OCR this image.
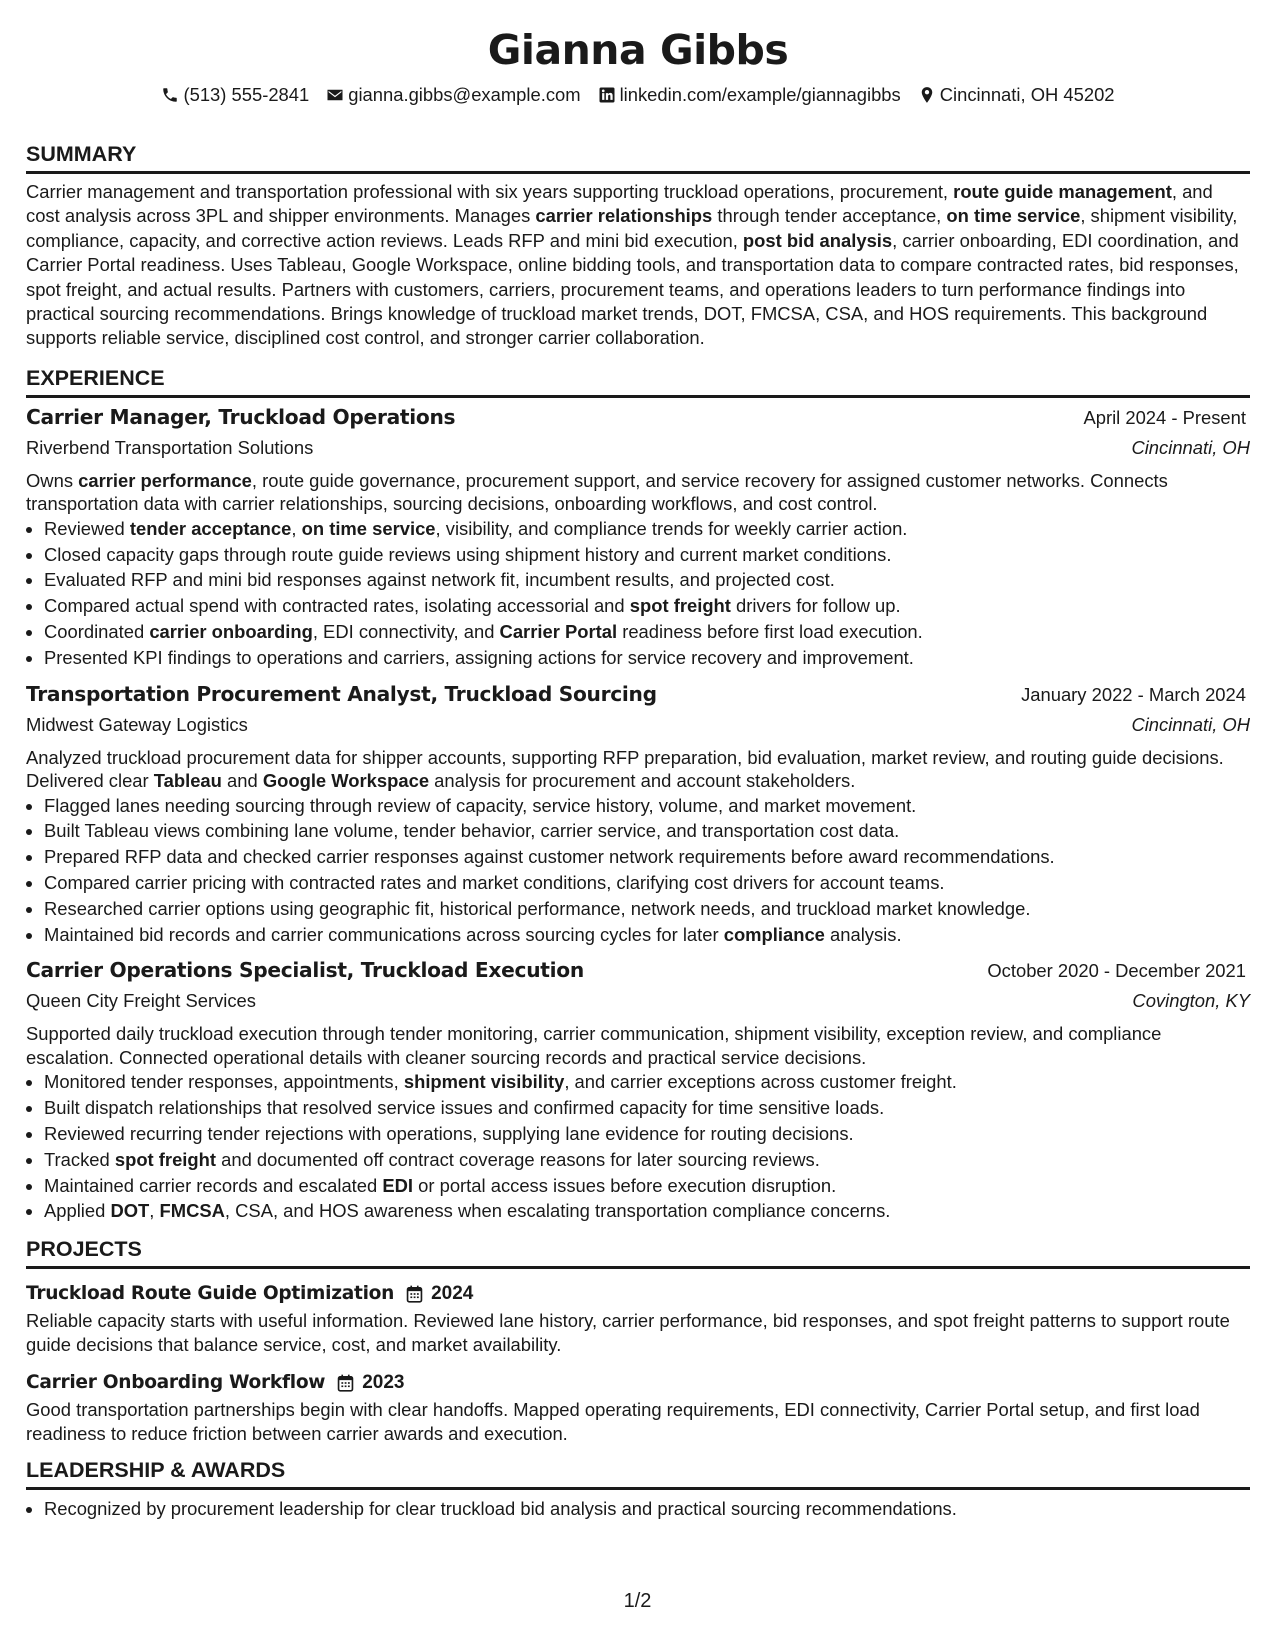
Gianna Gibbs
(513) 555-2841 gianna.gibbs@example.com linkedin.com/example/giannagibbs Cincinnati, OH 45202
SUMMARY
Carrier management and transportation professional with six years supporting truckload operations, procurement, route guide management, and cost analysis across 3PL and shipper environments. Manages carrier relationships through tender acceptance, on time service, shipment visibility, compliance, capacity, and corrective action reviews. Leads RFP and mini bid execution, post bid analysis, carrier onboarding, EDI coordination, and Carrier Portal readiness. Uses Tableau, Google Workspace, online bidding tools, and transportation data to compare contracted rates, bid responses, spot freight, and actual results. Partners with customers, carriers, procurement teams, and operations leaders to turn performance findings into practical sourcing recommendations. Brings knowledge of truckload market trends, DOT, FMCSA, CSA, and HOS requirements. This background supports reliable service, disciplined cost control, and stronger carrier collaboration.
EXPERIENCE
Carrier Manager, Truckload Operations	April 2024 - Present
Riverbend Transportation Solutions	Cincinnati, OH
Owns carrier performance, route guide governance, procurement support, and service recovery for assigned customer networks. Connects transportation data with carrier relationships, sourcing decisions, onboarding workflows, and cost control.
• Reviewed tender acceptance, on time service, visibility, and compliance trends for weekly carrier action.
• Closed capacity gaps through route guide reviews using shipment history and current market conditions.
• Evaluated RFP and mini bid responses against network fit, incumbent results, and projected cost.
• Compared actual spend with contracted rates, isolating accessorial and spot freight drivers for follow up.
• Coordinated carrier onboarding, EDI connectivity, and Carrier Portal readiness before first load execution.
• Presented KPI findings to operations and carriers, assigning actions for service recovery and improvement.
Transportation Procurement Analyst, Truckload Sourcing	January 2022 - March 2024
Midwest Gateway Logistics	Cincinnati, OH
Analyzed truckload procurement data for shipper accounts, supporting RFP preparation, bid evaluation, market review, and routing guide decisions. Delivered clear Tableau and Google Workspace analysis for procurement and account stakeholders.
• Flagged lanes needing sourcing through review of capacity, service history, volume, and market movement.
• Built Tableau views combining lane volume, tender behavior, carrier service, and transportation cost data.
• Prepared RFP data and checked carrier responses against customer network requirements before award recommendations.
• Compared carrier pricing with contracted rates and market conditions, clarifying cost drivers for account teams.
• Researched carrier options using geographic fit, historical performance, network needs, and truckload market knowledge.
• Maintained bid records and carrier communications across sourcing cycles for later compliance analysis.
Carrier Operations Specialist, Truckload Execution	October 2020 - December 2021
Queen City Freight Services	Covington, KY
Supported daily truckload execution through tender monitoring, carrier communication, shipment visibility, exception review, and compliance escalation. Connected operational details with cleaner sourcing records and practical service decisions.
• Monitored tender responses, appointments, shipment visibility, and carrier exceptions across customer freight.
• Built dispatch relationships that resolved service issues and confirmed capacity for time sensitive loads.
• Reviewed recurring tender rejections with operations, supplying lane evidence for routing decisions.
• Tracked spot freight and documented off contract coverage reasons for later sourcing reviews.
• Maintained carrier records and escalated EDI or portal access issues before execution disruption.
• Applied DOT, FMCSA, CSA, and HOS awareness when escalating transportation compliance concerns.
PROJECTS
Truckload Route Guide Optimization 2024
Reliable capacity starts with useful information. Reviewed lane history, carrier performance, bid responses, and spot freight patterns to support route guide decisions that balance service, cost, and market availability.
Carrier Onboarding Workflow 2023
Good transportation partnerships begin with clear handoffs. Mapped operating requirements, EDI connectivity, Carrier Portal setup, and first load readiness to reduce friction between carrier awards and execution.
LEADERSHIP & AWARDS
• Recognized by procurement leadership for clear truckload bid analysis and practical sourcing recommendations.
1/2
